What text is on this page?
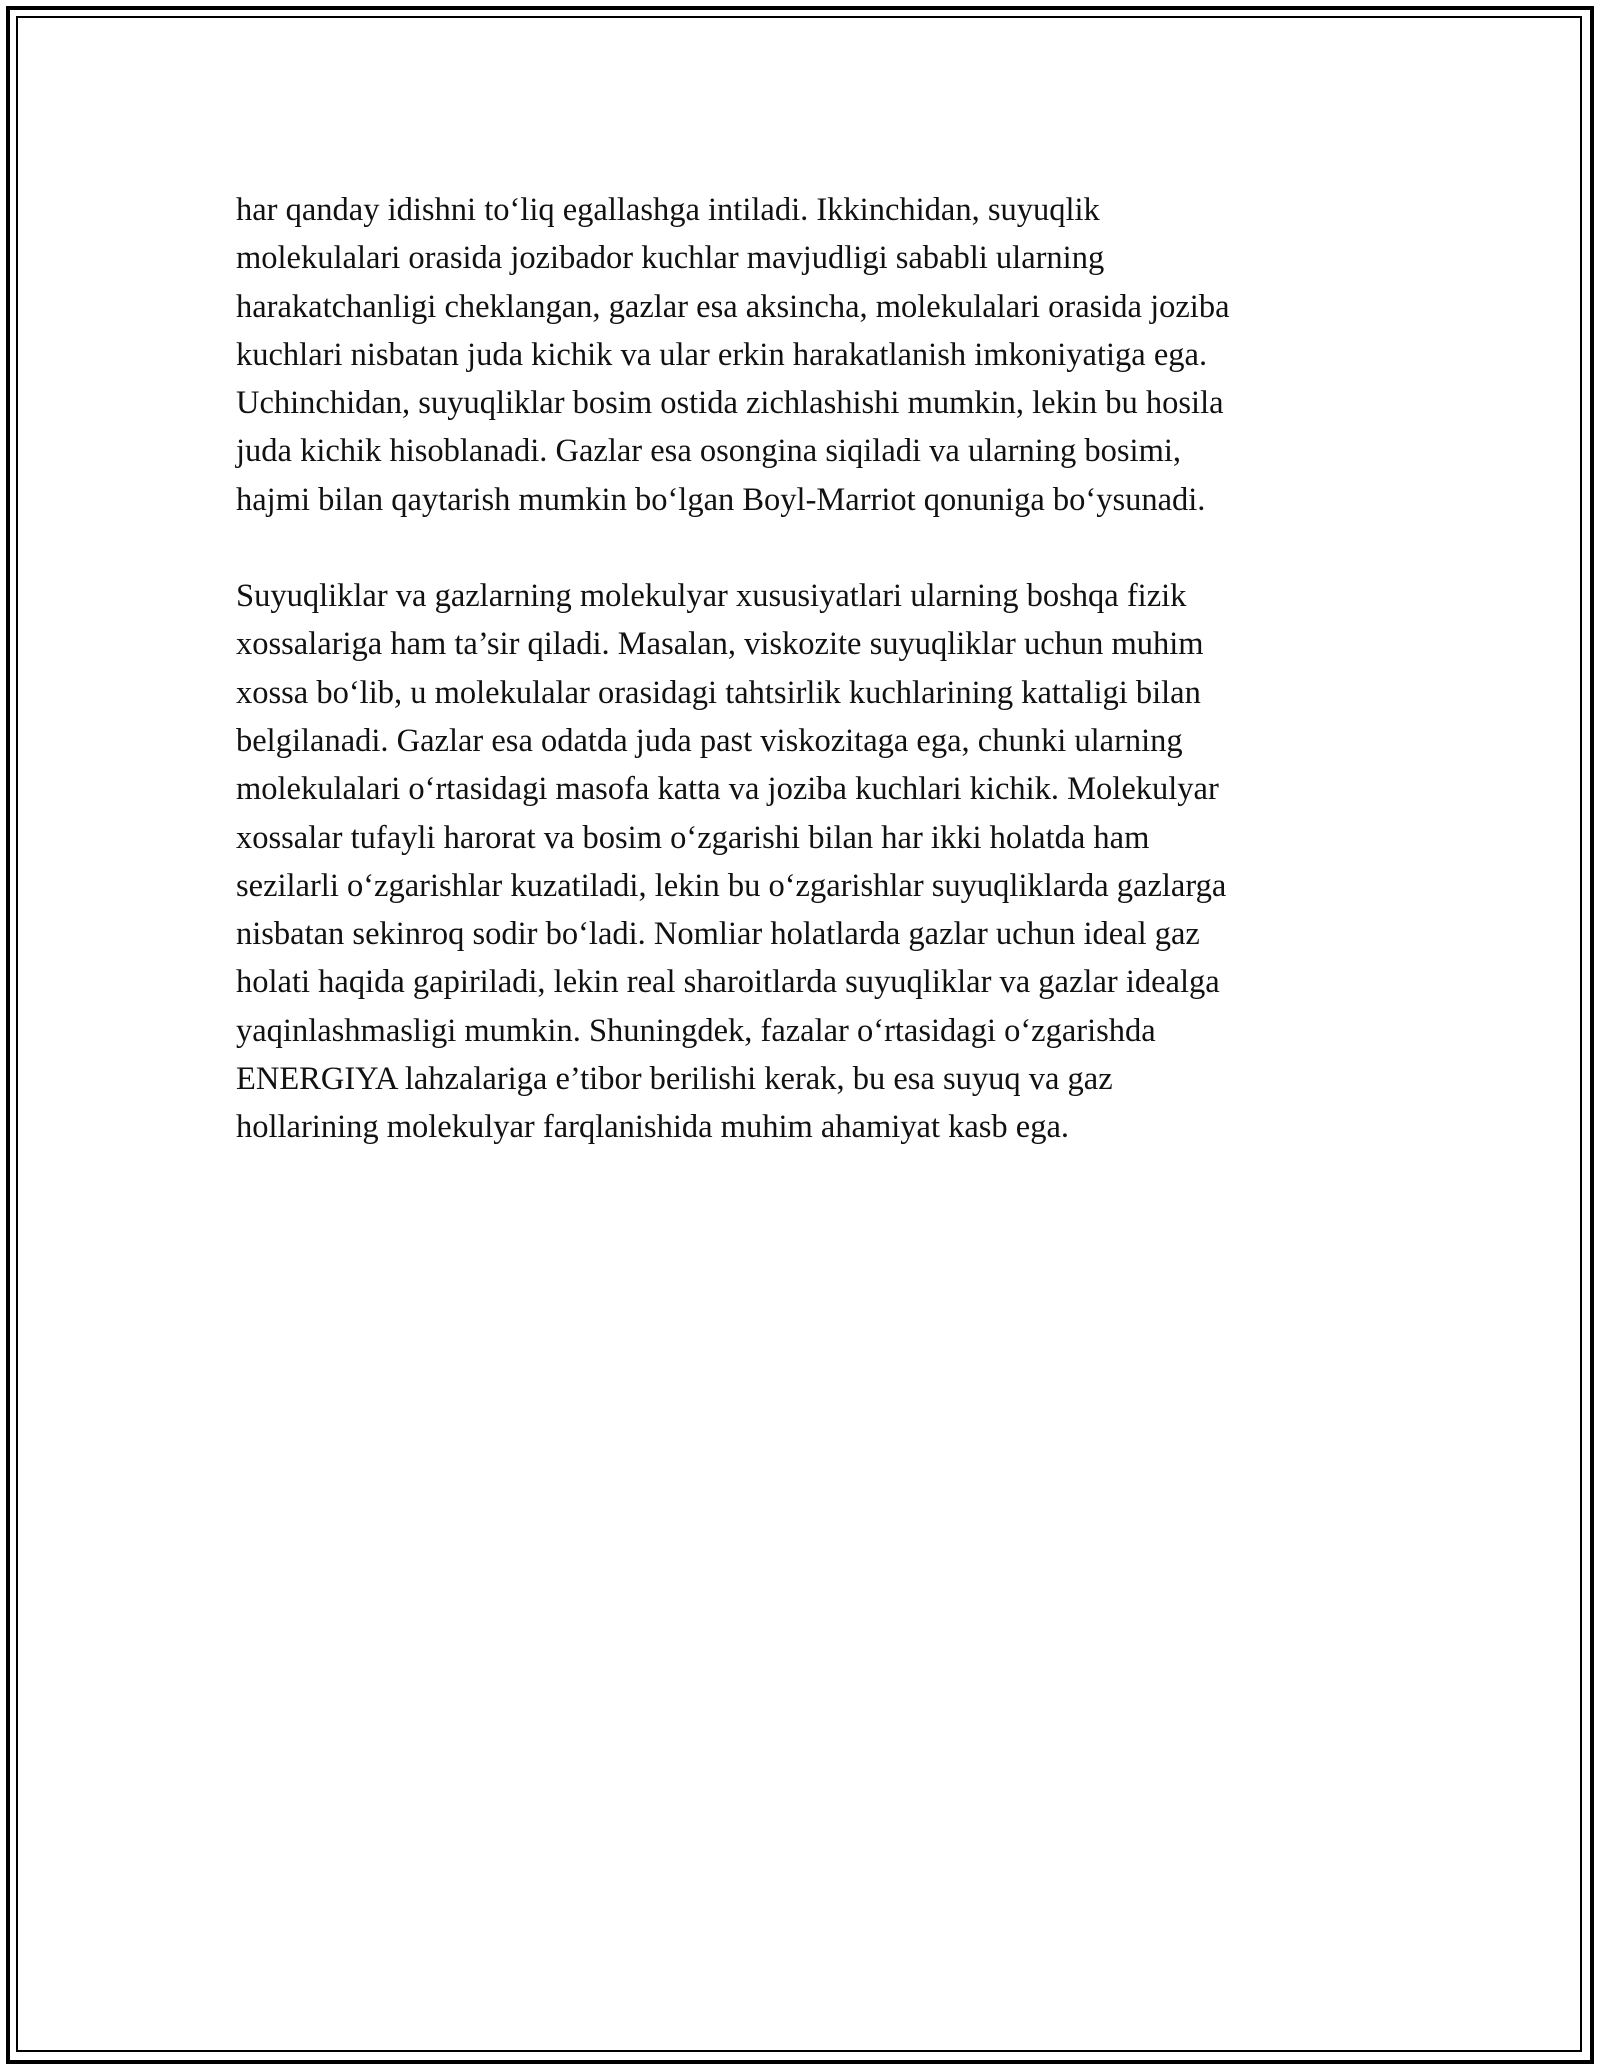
har qanday idishni to‘liq egallashga intiladi. Ikkinchidan, suyuqlik
molekulalari orasida jozibador kuchlar mavjudligi sababli ularning
harakatchanligi cheklangan, gazlar esa aksincha, molekulalari orasida joziba
kuchlari nisbatan juda kichik va ular erkin harakatlanish imkoniyatiga ega.
Uchinchidan, suyuqliklar bosim ostida zichlashishi mumkin, lekin bu hosila
juda kichik hisoblanadi. Gazlar esa osongina siqiladi va ularning bosimi,
hajmi bilan qaytarish mumkin bo‘lgan Boyl-Marriot qonuniga bo‘ysunadi.

Suyuqliklar va gazlarning molekulyar xususiyatlari ularning boshqa fizik
xossalariga ham ta’sir qiladi. Masalan, viskozite suyuqliklar uchun muhim
xossa bo‘lib, u molekulalar orasidagi tahtsirlik kuchlarining kattaligi bilan
belgilanadi. Gazlar esa odatda juda past viskozitaga ega, chunki ularning
molekulalari o‘rtasidagi masofa katta va joziba kuchlari kichik. Molekulyar
xossalar tufayli harorat va bosim o‘zgarishi bilan har ikki holatda ham
sezilarli o‘zgarishlar kuzatiladi, lekin bu o‘zgarishlar suyuqliklarda gazlarga
nisbatan sekinroq sodir bo‘ladi. Nomliar holatlarda gazlar uchun ideal gaz
holati haqida gapiriladi, lekin real sharoitlarda suyuqliklar va gazlar idealga
yaqinlashmasligi mumkin. Shuningdek, fazalar o‘rtasidagi o‘zgarishda
ENERGIYA lahzalariga e’tibor berilishi kerak, bu esa suyuq va gaz
hollarining molekulyar farqlanishida muhim ahamiyat kasb ega.
